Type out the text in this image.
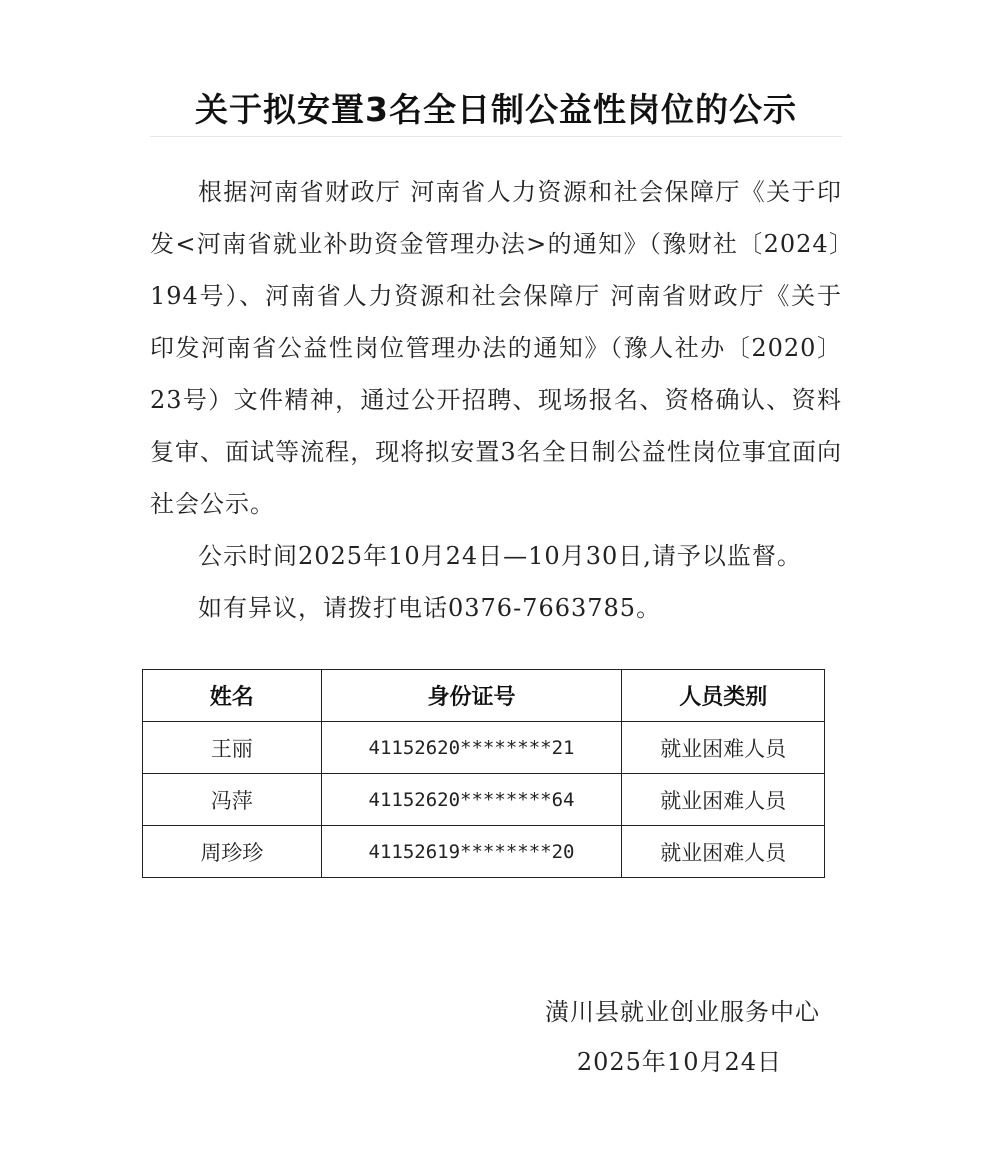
关于拟安置3名全日制公益性岗位的公示

根据河南省财政厅 河南省人力资源和社会保障厅《关于印发<河南省就业补助资金管理办法>的通知》（豫财社〔2024〕194号）、河南省人力资源和社会保障厅 河南省财政厅《关于印发河南省公益性岗位管理办法的通知》（豫人社办〔2020〕23号）文件精神，通过公开招聘、现场报名、资格确认、资料复审、面试等流程，现将拟安置3名全日制公益性岗位事宜面向社会公示。

公示时间2025年10月24日—10月30日,请予以监督。

如有异议，请拨打电话0376-7663785。

姓名	身份证号	人员类别
王丽	41152620********21	就业困难人员
冯萍	41152620********64	就业困难人员
周珍珍	41152619********20	就业困难人员
潢川县就业创业服务中心
2025年10月24日
